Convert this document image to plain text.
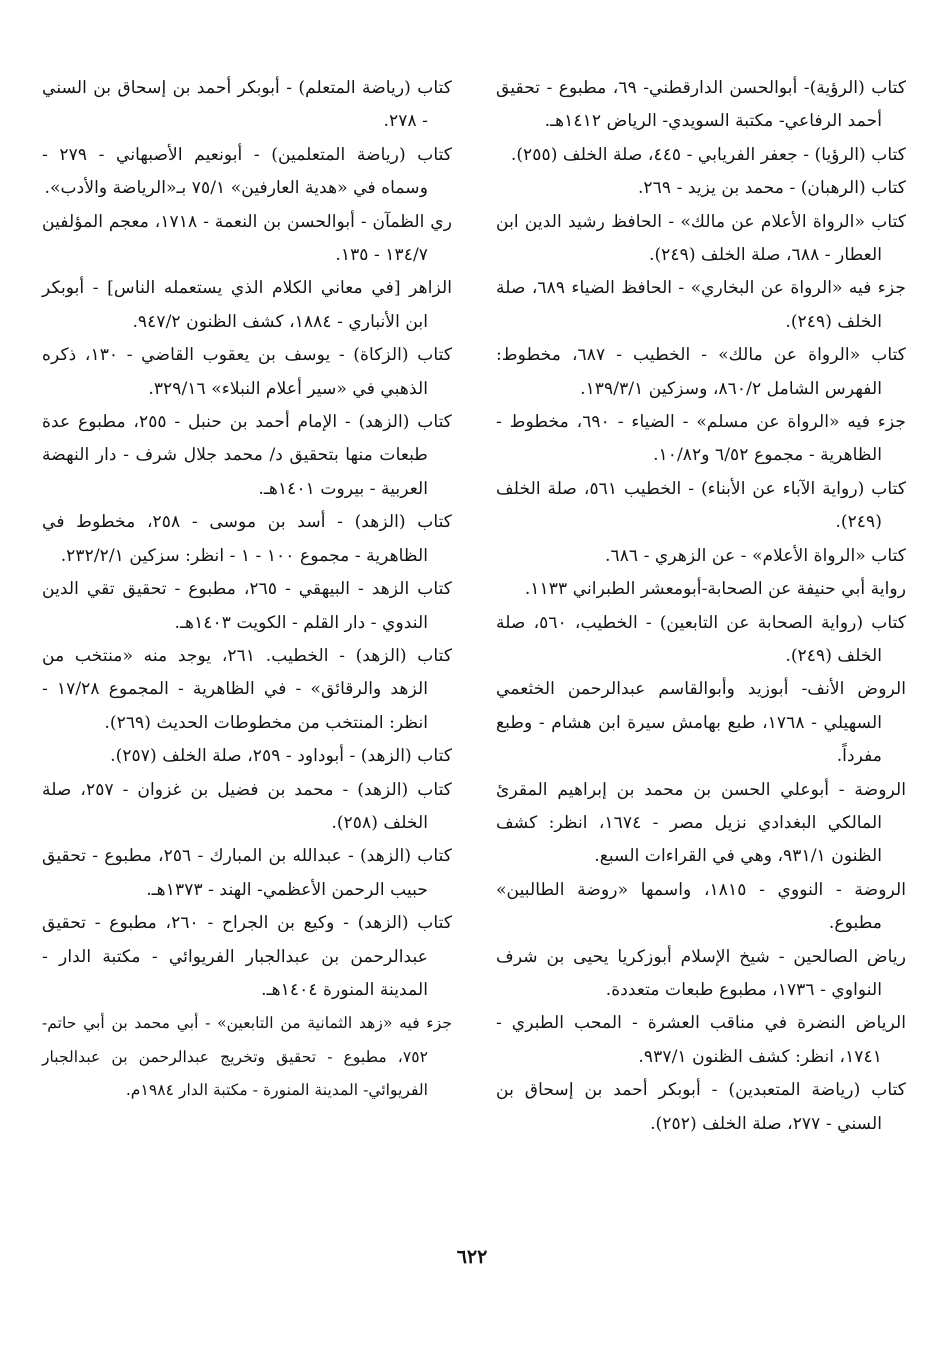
كتاب (الرؤية)- أبوالحسن الدارقطني- ٦٩، مطبوع - تحقيق أحمد الرفاعي- مكتبة السويدي- الرياض ١٤١٢هـ.

كتاب (الرؤيا) - جعفر الفريابي - ٤٤٥، صلة الخلف (٢٥٥).

كتاب (الرهبان) - محمد بن يزيد - ٢٦٩.

كتاب «الرواة الأعلام عن مالك» - الحافظ رشيد الدين ابن العطار - ٦٨٨، صلة الخلف (٢٤٩).

جزء فيه «الرواة عن البخاري» - الحافظ الضياء ٦٨٩، صلة الخلف (٢٤٩).

كتاب «الرواة عن مالك» - الخطيب - ٦٨٧، مخطوط: الفهرس الشامل ٨٦٠/٢، وسزكين ١٣٩/٣/١.

جزء فيه «الرواة عن مسلم» - الضياء - ٦٩٠، مخطوط - الظاهرية - مجموع ٦/٥٢ و١٠/٨٢.

كتاب (رواية الآباء عن الأبناء) - الخطيب ٥٦١، صلة الخلف (٢٤٩).

كتاب «الرواة الأعلام» - عن الزهري - ٦٨٦.

رواية أبي حنيفة عن الصحابة-أبومعشر الطبراني ١١٣٣.

كتاب (رواية الصحابة عن التابعين) - الخطيب، ٥٦٠، صلة الخلف (٢٤٩).

الروض الأنف- أبوزيد وأبوالقاسم عبدالرحمن الخثعمي السهيلي - ١٧٦٨، طبع بهامش سيرة ابن هشام - وطبع مفرداً.

الروضة - أبوعلي الحسن بن محمد بن إبراهيم المقرئ المالكي البغدادي نزيل مصر - ١٦٧٤، انظر: كشف الظنون ٩٣١/١، وهي في القراءات السبع.

الروضة - النووي - ١٨١٥، واسمها «روضة الطالبين» مطبوع.

رياض الصالحين - شيخ الإسلام أبوزكريا يحيى بن شرف النواوي - ١٧٣٦، مطبوع طبعات متعددة.

الرياض النضرة في مناقب العشرة - المحب الطبري - ١٧٤١، انظر: كشف الظنون ٩٣٧/١.

كتاب (رياضة المتعبدين) - أبوبكر أحمد بن إسحاق بن السني - ٢٧٧، صلة الخلف (٢٥٢).

كتاب (رياضة المتعلم) - أبوبكر أحمد بن إسحاق بن السني - ٢٧٨.

كتاب (رياضة المتعلمين) - أبونعيم الأصبهاني - ٢٧٩ - وسماه في «هدية العارفين» ٧٥/١ بـ«الرياضة والأدب».

ري الظمآن - أبوالحسن بن النعمة - ١٧١٨، معجم المؤلفين ١٣٤/٧ - ١٣٥.

الزاهر [في معاني الكلام الذي يستعمله الناس] - أبوبكر ابن الأنباري - ١٨٨٤، كشف الظنون ٩٤٧/٢.

كتاب (الزكاة) - يوسف بن يعقوب القاضي - ١٣٠، ذكره الذهبي في «سير أعلام النبلاء» ٣٢٩/١٦.

كتاب (الزهد) - الإمام أحمد بن حنبل - ٢٥٥، مطبوع عدة طبعات منها بتحقيق د/ محمد جلال شرف - دار النهضة العربية - بيروت ١٤٠١هـ.

كتاب (الزهد) - أسد بن موسى - ٢٥٨، مخطوط في الظاهرية - مجموع ١٠٠ - ١ - انظر: سزكين ٢٣٢/٢/١.

كتاب الزهد - البيهقي - ٢٦٥، مطبوع - تحقيق تقي الدين الندوي - دار القلم - الكويت ١٤٠٣هـ.

كتاب (الزهد) - الخطيب. ٢٦١، يوجد منه «منتخب من الزهد والرقائق» - في الظاهرية - المجموع ١٧/٢٨ - انظر: المنتخب من مخطوطات الحديث (٢٦٩).

كتاب (الزهد) - أبوداود - ٢٥٩، صلة الخلف (٢٥٧).

كتاب (الزهد) - محمد بن فضيل بن غزوان - ٢٥٧، صلة الخلف (٢٥٨).

كتاب (الزهد) - عبدالله بن المبارك - ٢٥٦، مطبوع - تحقيق حبيب الرحمن الأعظمي- الهند - ١٣٧٣هـ.

كتاب (الزهد) - وكيع بن الجراح - ٢٦٠، مطبوع - تحقيق عبدالرحمن بن عبدالجبار الفريوائي - مكتبة الدار - المدينة المنورة ١٤٠٤هـ.

جزء فيه «زهد الثمانية من التابعين» - أبي محمد بن أبي حاتم- ٧٥٢، مطبوع - تحقيق وتخريج عبدالرحمن بن عبدالجبار الفريوائي- المدينة المنورة - مكتبة الدار ١٩٨٤م.

٦٢٢
